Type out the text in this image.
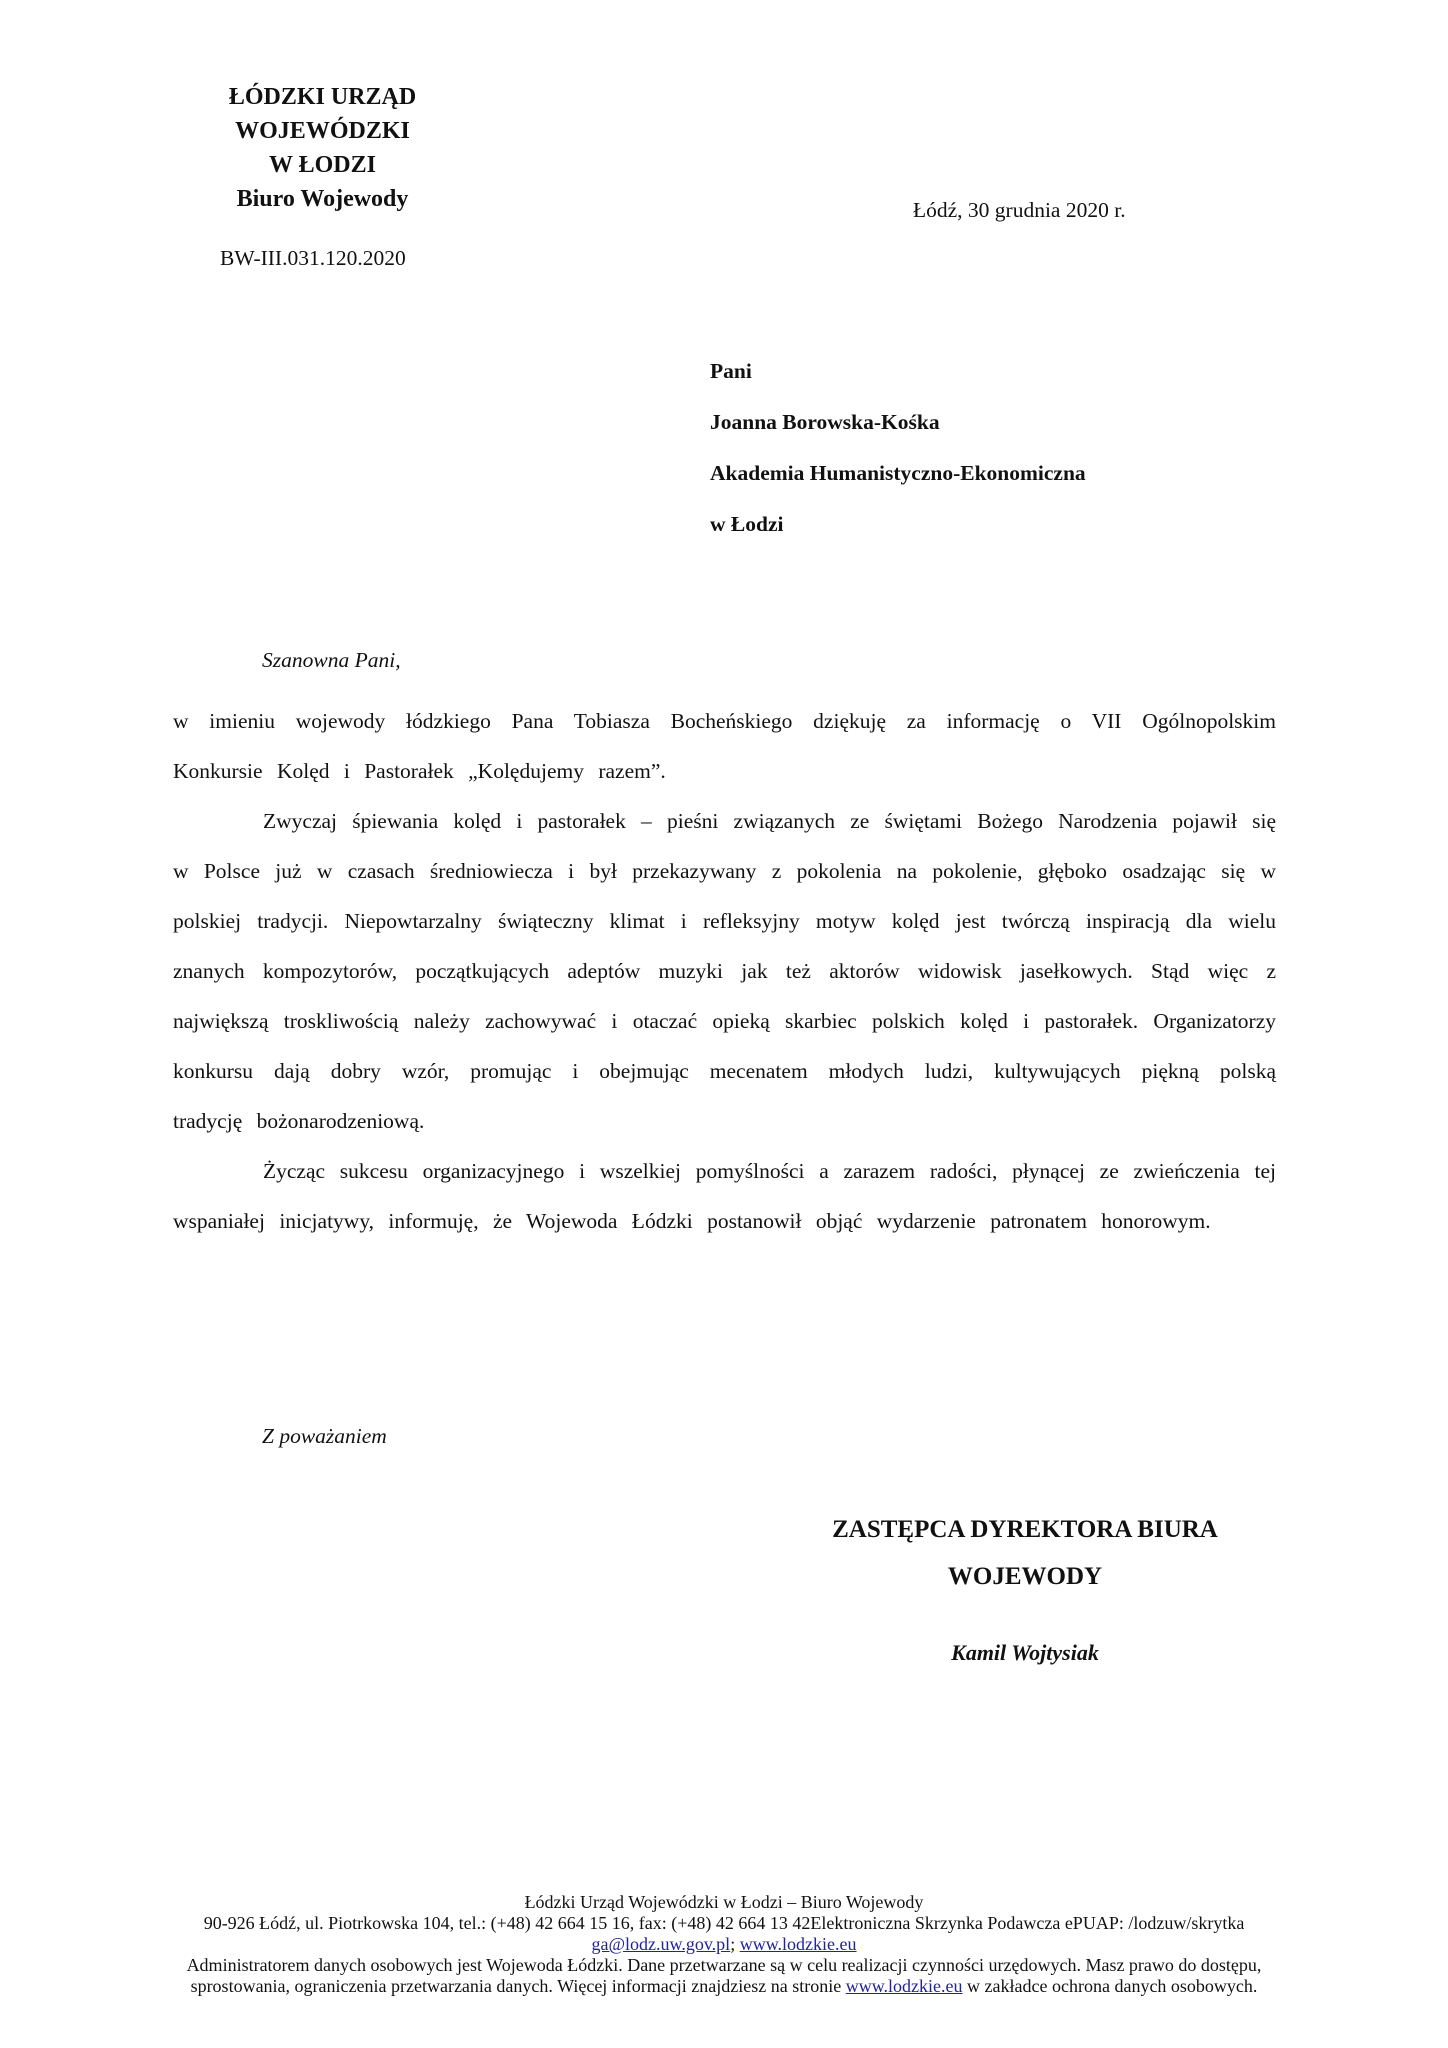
ŁÓDZKI URZĄD WOJEWÓDZKI
W ŁODZI
Biuro Wojewody	Łódź, 30 grudnia 2020 r.
BW-III.031.120.2020
Pani
Joanna Borowska-Kośka
Akademia Humanistyczno-Ekonomiczna
w Łodzi
Szanowna Pani,

w imieniu wojewody łódzkiego Pana Tobiasza Bocheńskiego dziękuję za informację o VII Ogólnopolskim Konkursie Kolęd i Pastorałek „Kolędujemy razem”.

Zwyczaj śpiewania kolęd i pastorałek – pieśni związanych ze świętami Bożego Narodzenia pojawił się w Polsce już w czasach średniowiecza i był przekazywany z pokolenia na pokolenie, głęboko osadzając się w polskiej tradycji. Niepowtarzalny świąteczny klimat i refleksyjny motyw kolęd jest twórczą inspiracją dla wielu znanych kompozytorów, początkujących adeptów muzyki jak też aktorów widowisk jasełkowych. Stąd więc z największą troskliwością należy zachowywać i otaczać opieką skarbiec polskich kolęd i pastorałek. Organizatorzy konkursu dają dobry wzór, promując i obejmując mecenatem młodych ludzi, kultywujących piękną polską tradycję bożonarodzeniową.

Życząc sukcesu organizacyjnego i wszelkiej pomyślności a zarazem radości, płynącej ze zwieńczenia tej wspaniałej inicjatywy, informuję, że Wojewoda Łódzki postanowił objąć wydarzenie patronatem honorowym.

Z poważaniem
ZASTĘPCA DYREKTORA BIURA WOJEWODY
Kamil Wojtysiak

Łódzki Urząd Wojewódzki w Łodzi – Biuro Wojewody

90-926 Łódź, ul. Piotrkowska 104, tel.: (+48) 42 664 15 16, fax: (+48) 42 664 13 42Elektroniczna Skrzynka Podawcza ePUAP: /lodzuw/skrytka

ga@lodz.uw.gov.pl; www.lodzkie.eu

Administratorem danych osobowych jest Wojewoda Łódzki. Dane przetwarzane są w celu realizacji czynności urzędowych. Masz prawo do dostępu,

sprostowania, ograniczenia przetwarzania danych. Więcej informacji znajdziesz na stronie www.lodzkie.eu w zakładce ochrona danych osobowych.
